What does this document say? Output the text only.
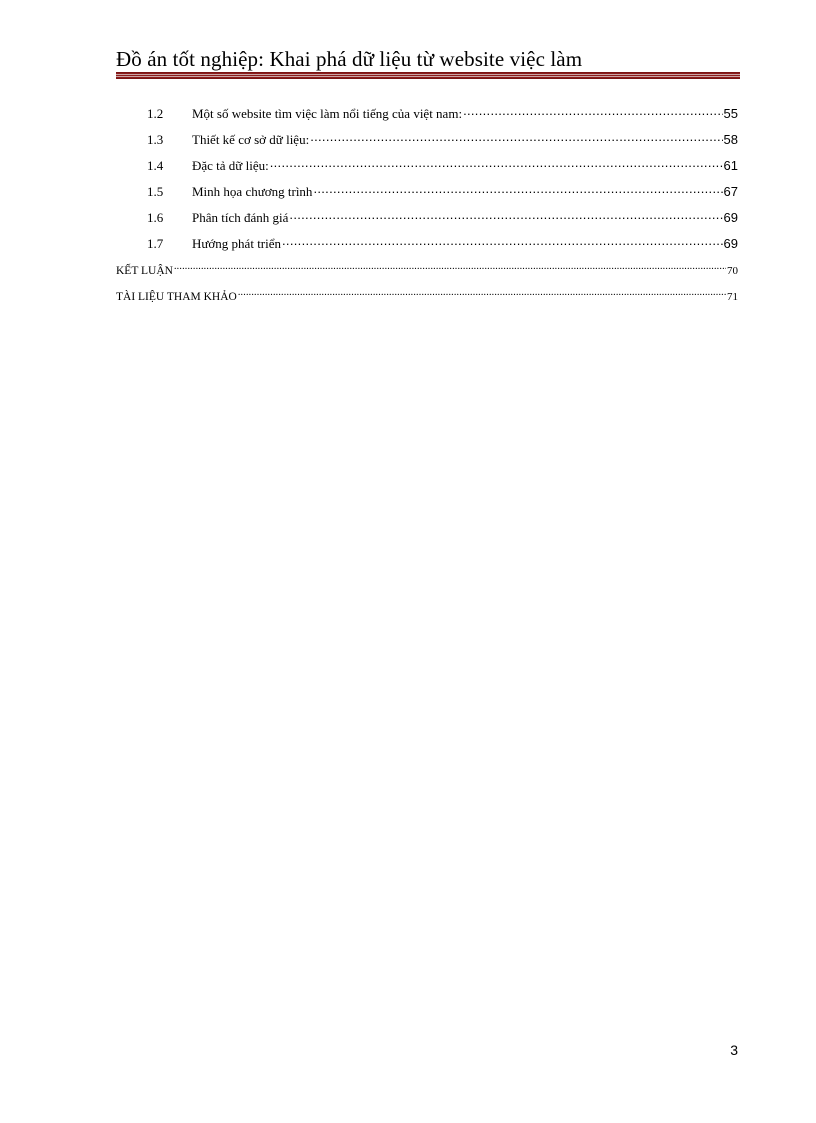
Đồ án tốt nghiệp: Khai phá dữ liệu từ website việc làm
1.2	Một số website tìm việc làm nổi tiếng của việt nam: .....	55
1.3	Thiết kế cơ sở dữ liệu: .....	58
1.4	Đặc tả dữ liệu: .....	61
1.5	Minh họa chương trình .....	67
1.6	Phân tích đánh giá .....	69
1.7	Hướng phát triển .....	69
KẾT LUẬN .....	70
TÀI LIỆU THAM KHẢO .....	71
3
